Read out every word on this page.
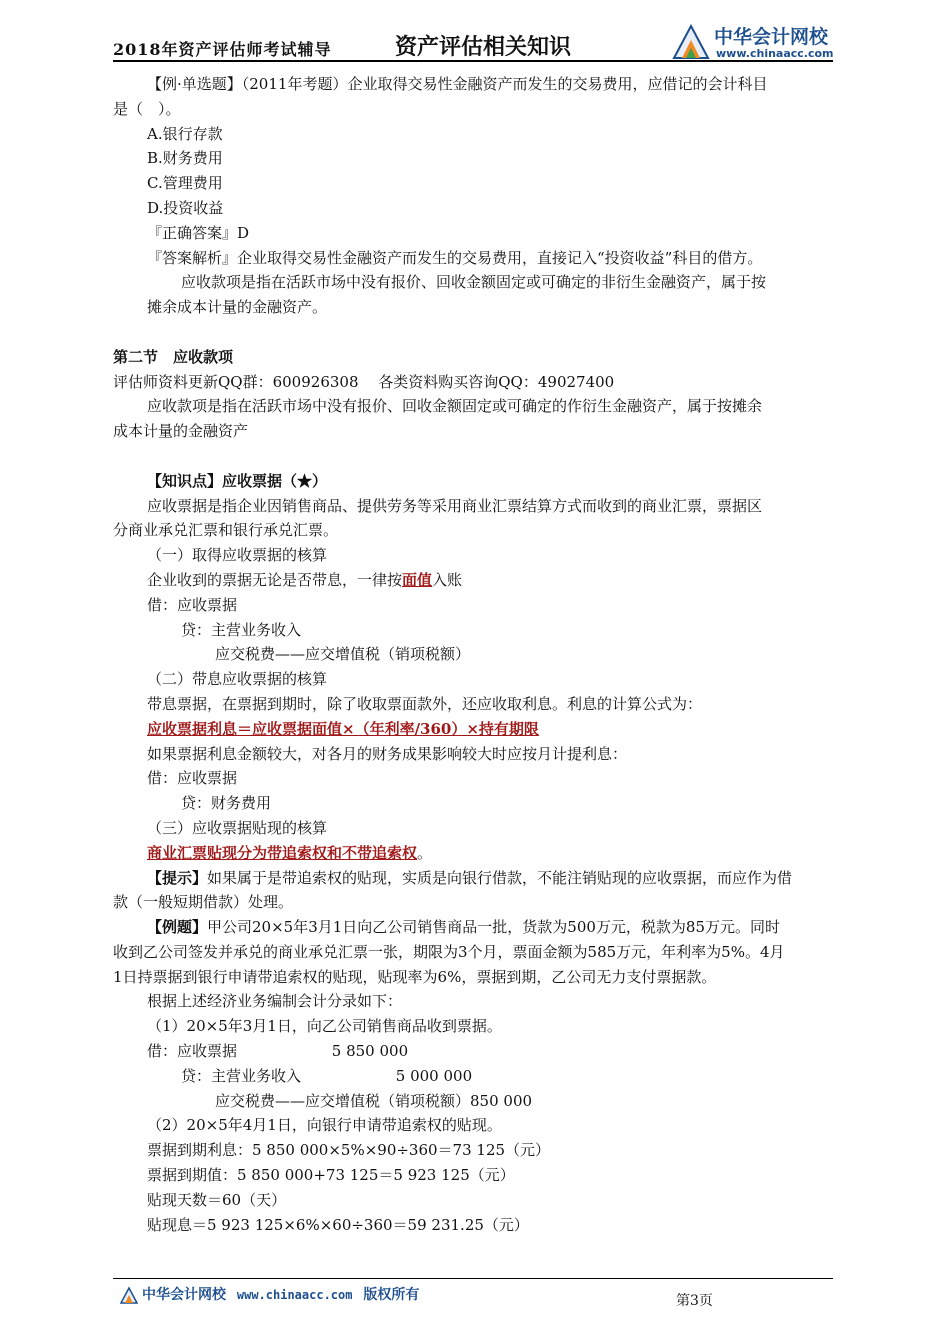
2018年资产评估师考试辅导	资产评估相关知识	中华会计网校
www.chinaacc.com
【例·单选题】（2011年考题）企业取得交易性金融资产而发生的交易费用，应借记的会计科目
是（　）。
A.银行存款
B.财务费用
C.管理费用
D.投资收益
『正确答案』D
『答案解析』企业取得交易性金融资产而发生的交易费用，直接记入“投资收益”科目的借方。
应收款项是指在活跃市场中没有报价、回收金额固定或可确定的非衍生金融资产，属于按
摊余成本计量的金融资产。
第二节　应收款项
评估师资料更新QQ群：600926308　 各类资料购买咨询QQ：49027400
应收款项是指在活跃市场中没有报价、回收金额固定或可确定的作衍生金融资产，属于按摊余
成本计量的金融资产
【知识点】应收票据（★）
应收票据是指企业因销售商品、提供劳务等采用商业汇票结算方式而收到的商业汇票，票据区
分商业承兑汇票和银行承兑汇票。
（一）取得应收票据的核算
企业收到的票据无论是否带息，一律按面值入账
借：应收票据
贷：主营业务收入
应交税费——应交增值税（销项税额）
（二）带息应收票据的核算
带息票据，在票据到期时，除了收取票面款外，还应收取利息。利息的计算公式为：
应收票据利息＝应收票据面值×（年利率/360）×持有期限
如果票据利息金额较大，对各月的财务成果影响较大时应按月计提利息：
借：应收票据
贷：财务费用
（三）应收票据贴现的核算
商业汇票贴现分为带追索权和不带追索权。
【提示】如果属于是带追索权的贴现，实质是向银行借款，不能注销贴现的应收票据，而应作为借
款（一般短期借款）处理。
【例题】甲公司20×5年3月1日向乙公司销售商品一批，货款为500万元，税款为85万元。同时
收到乙公司签发并承兑的商业承兑汇票一张，期限为3个月，票面金额为585万元，年利率为5%。4月
1日持票据到银行申请带追索权的贴现，贴现率为6%，票据到期，乙公司无力支付票据款。
根据上述经济业务编制会计分录如下：
（1）20×5年3月1日，向乙公司销售商品收到票据。
借：应收票据　　　　　　 5 850 000
贷：主营业务收入　　　　　　 5 000 000
应交税费——应交增值税（销项税额）850 000
（2）20×5年4月1日，向银行申请带追索权的贴现。
票据到期利息：5 850 000×5%×90÷360＝73 125（元）
票据到期值：5 850 000+73 125＝5 923 125（元）
贴现天数＝60（天）
贴现息＝5 923 125×6%×60÷360＝59 231.25（元）
中华会计网校 www.chinaacc.com 版权所有	第3页
